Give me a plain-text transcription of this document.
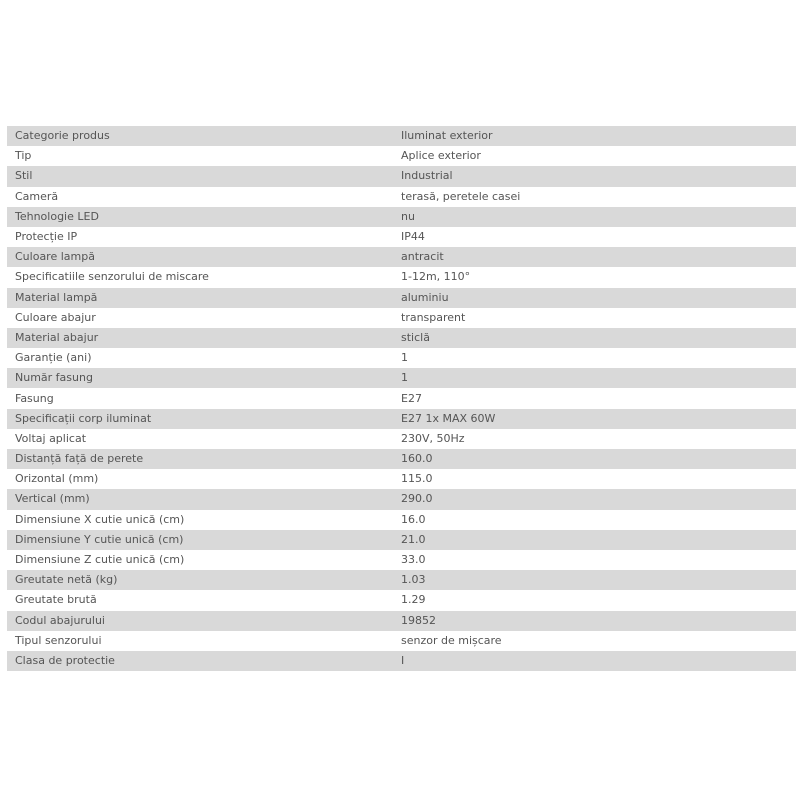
Categorie produs	Iluminat exterior
Tip	Aplice exterior
Stil	Industrial
Cameră	terasă, peretele casei
Tehnologie LED	nu
Protecție IP	IP44
Culoare lampă	antracit
Specificatiile senzorului de miscare	1-12m, 110°
Material lampă	aluminiu
Culoare abajur	transparent
Material abajur	sticlă
Garanție (ani)	1
Număr fasung	1
Fasung	E27
Specificații corp iluminat	E27 1x MAX 60W
Voltaj aplicat	230V, 50Hz
Distanță față de perete	160.0
Orizontal (mm)	115.0
Vertical (mm)	290.0
Dimensiune X cutie unică (cm)	16.0
Dimensiune Y cutie unică (cm)	21.0
Dimensiune Z cutie unică (cm)	33.0
Greutate netă (kg)	1.03
Greutate brută	1.29
Codul abajurului	19852
Tipul senzorului	senzor de mișcare
Clasa de protectie	I
